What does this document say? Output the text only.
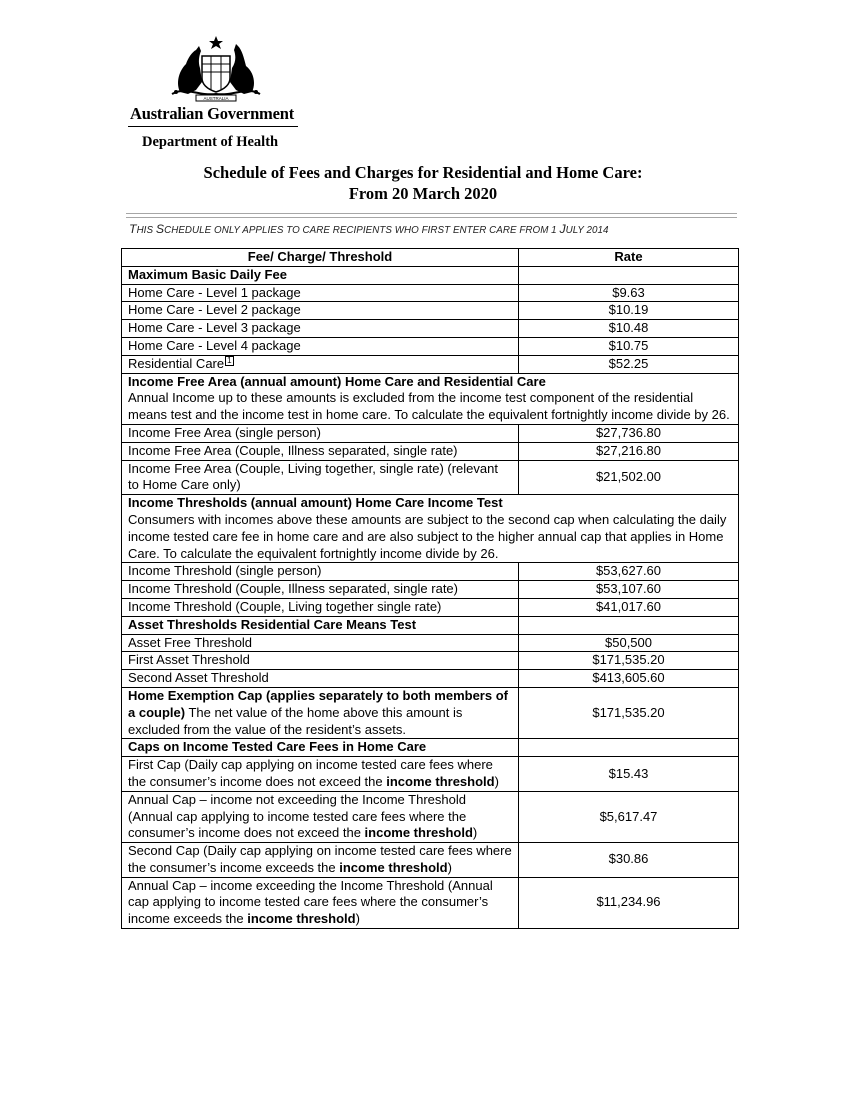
AUSTRALIA
Australian Government
Department of Health
Schedule of Fees and Charges for Residential and Home Care:
From 20 March 2020
THIS SCHEDULE ONLY APPLIES TO CARE RECIPIENTS WHO FIRST ENTER CARE FROM 1 JULY 2014
Fee/ Charge/ Threshold	Rate
Maximum Basic Daily Fee	
Home Care - Level 1 package	$9.63
Home Care - Level 2 package	$10.19
Home Care - Level 3 package	$10.48
Home Care - Level 4 package	$10.75
Residential Care 1	$52.25

Income Free Area (annual amount) Home Care and Residential Care
Annual Income up to these amounts is excluded from the income test component of the residential means test and the income test in home care. To calculate the equivalent fortnightly income divide by 26.	

Income Free Area (single person)	$27,736.80
Income Free Area (Couple, Illness separated, single rate)	$27,216.80
Income Free Area (Couple, Living together, single rate) (relevant to Home Care only)	$21,502.00

Income Thresholds (annual amount) Home Care Income Test
Consumers with incomes above these amounts are subject to the second cap when calculating the daily income tested care fee in home care and are also subject to the higher annual cap that applies in Home Care. To calculate the equivalent fortnightly income divide by 26.	

Income Threshold (single person)	$53,627.60
Income Threshold (Couple, Illness separated, single rate)	$53,107.60
Income Threshold (Couple, Living together single rate)	$41,017.60
Asset Thresholds Residential Care Means Test	
Asset Free Threshold	$50,500
First Asset Threshold	$171,535.20
Second Asset Threshold	$413,605.60
Home Exemption Cap (applies separately to both members of a couple) The net value of the home above this amount is excluded from the value of the resident’s assets.	$171,535.20
Caps on Income Tested Care Fees in Home Care	
First Cap (Daily cap applying on income tested care fees where the consumer’s income does not exceed the income threshold)	$15.43
Annual Cap – income not exceeding the Income Threshold (Annual cap applying to income tested care fees where the consumer’s income does not exceed the income threshold)	$5,617.47
Second Cap (Daily cap applying on income tested care fees where the consumer’s income exceeds the income threshold)	$30.86
Annual Cap – income exceeding the Income Threshold (Annual cap applying to income tested care fees where the consumer’s income exceeds the income threshold)	$11,234.96
